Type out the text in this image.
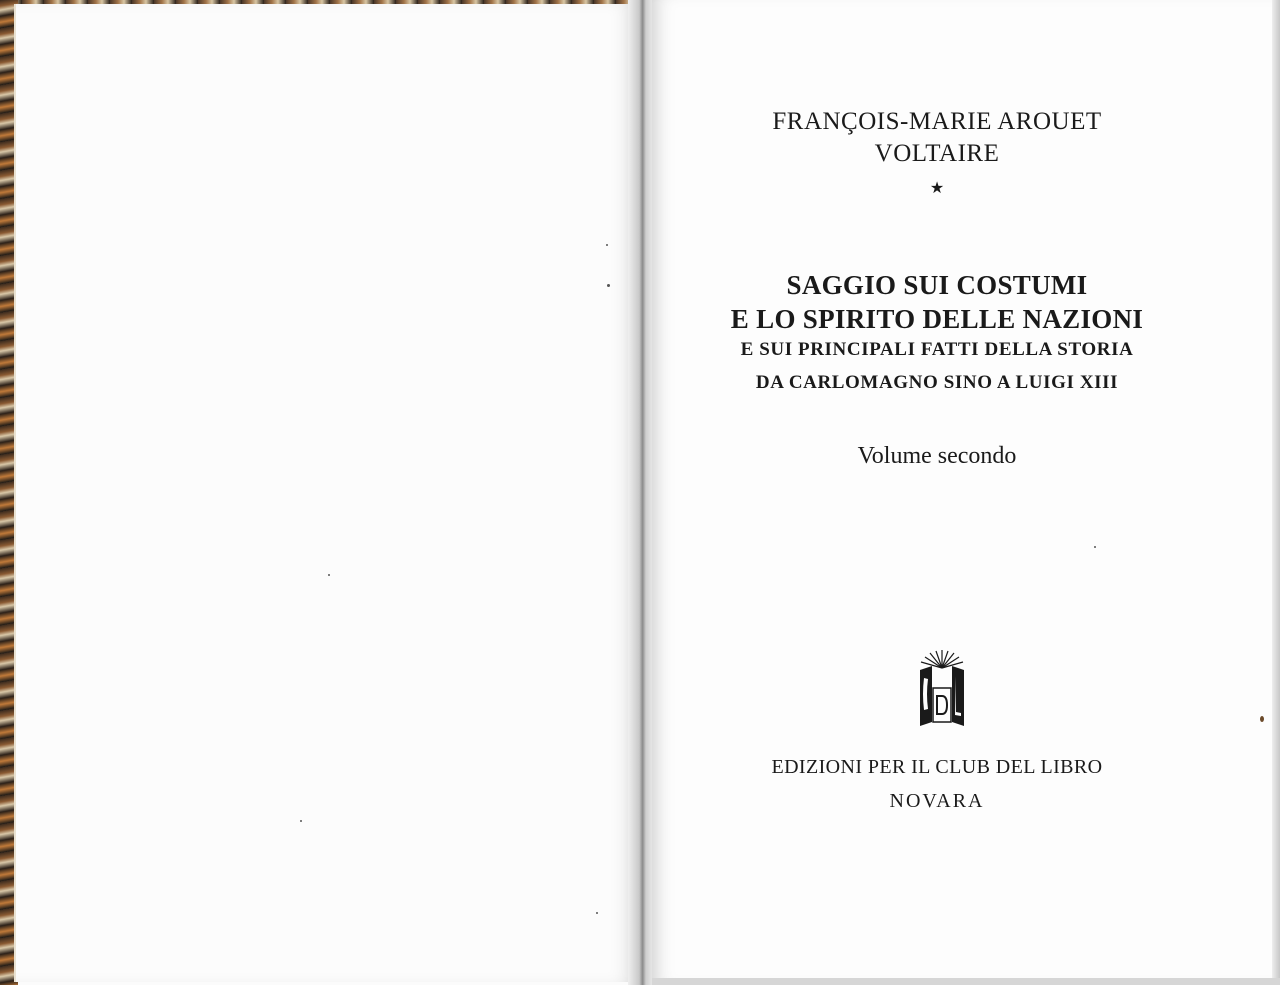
FRANÇOIS-MARIE AROUET

VOLTAIRE

★

SAGGIO SUI COSTUMI

E LO SPIRITO DELLE NAZIONI

E SUI PRINCIPALI FATTI DELLA STORIA

DA CARLOMAGNO SINO A LUIGI XIII

Volume secondo

EDIZIONI PER IL CLUB DEL LIBRO

NOVARA
